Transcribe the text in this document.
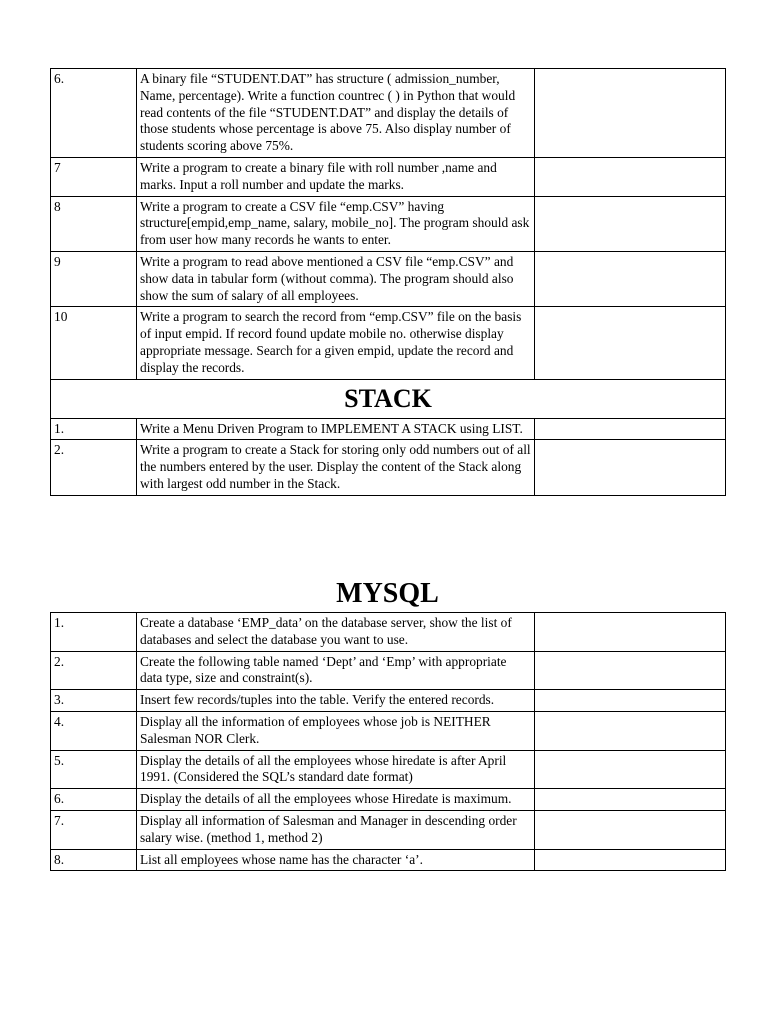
6.	A binary file “STUDENT.DAT” has structure ( admission_number, Name, percentage). Write a function countrec ( ) in Python that would read contents of the file “STUDENT.DAT” and display the details of those students whose percentage is above 75. Also display number of students scoring above 75%.	
7	Write a program to create a binary file with roll number ,name and marks. Input a roll number and update the marks.	
8	Write a program to create a CSV file “emp.CSV” having structure[empid,emp_name, salary, mobile_no]. The program should ask from user how many records he wants to enter.	
9	Write a program to read above mentioned a CSV file “emp.CSV” and show data in tabular form (without comma). The program should also show the sum of salary of all employees.	
10	Write a program to search the record from “emp.CSV” file on the basis of input empid. If record found update mobile no. otherwise display appropriate message. Search for a given empid, update the record and display the records.	
STACK		
1.	Write a Menu Driven Program to IMPLEMENT A STACK using LIST.	
2.	Write a program to create a Stack for storing only odd numbers out of all the numbers entered by the user. Display the content of the Stack along with largest odd number in the Stack.	
MYSQL
1.	Create a database ‘EMP_data’ on the database server, show the list of databases and select the database you want to use.	
2.	Create the following table named ‘Dept’ and ‘Emp’ with appropriate data type, size and constraint(s).	
3.	Insert few records/tuples into the table. Verify the entered records.	
4.	Display all the information of employees whose job is NEITHER Salesman NOR Clerk.	
5.	Display the details of all the employees whose hiredate is after April 1991. (Considered the SQL’s standard date format)	
6.	Display the details of all the employees whose Hiredate is maximum.	
7.	Display all information of Salesman and Manager in descending order salary wise. (method 1, method 2)	
8.	List all employees whose name has the character ‘a’.	
